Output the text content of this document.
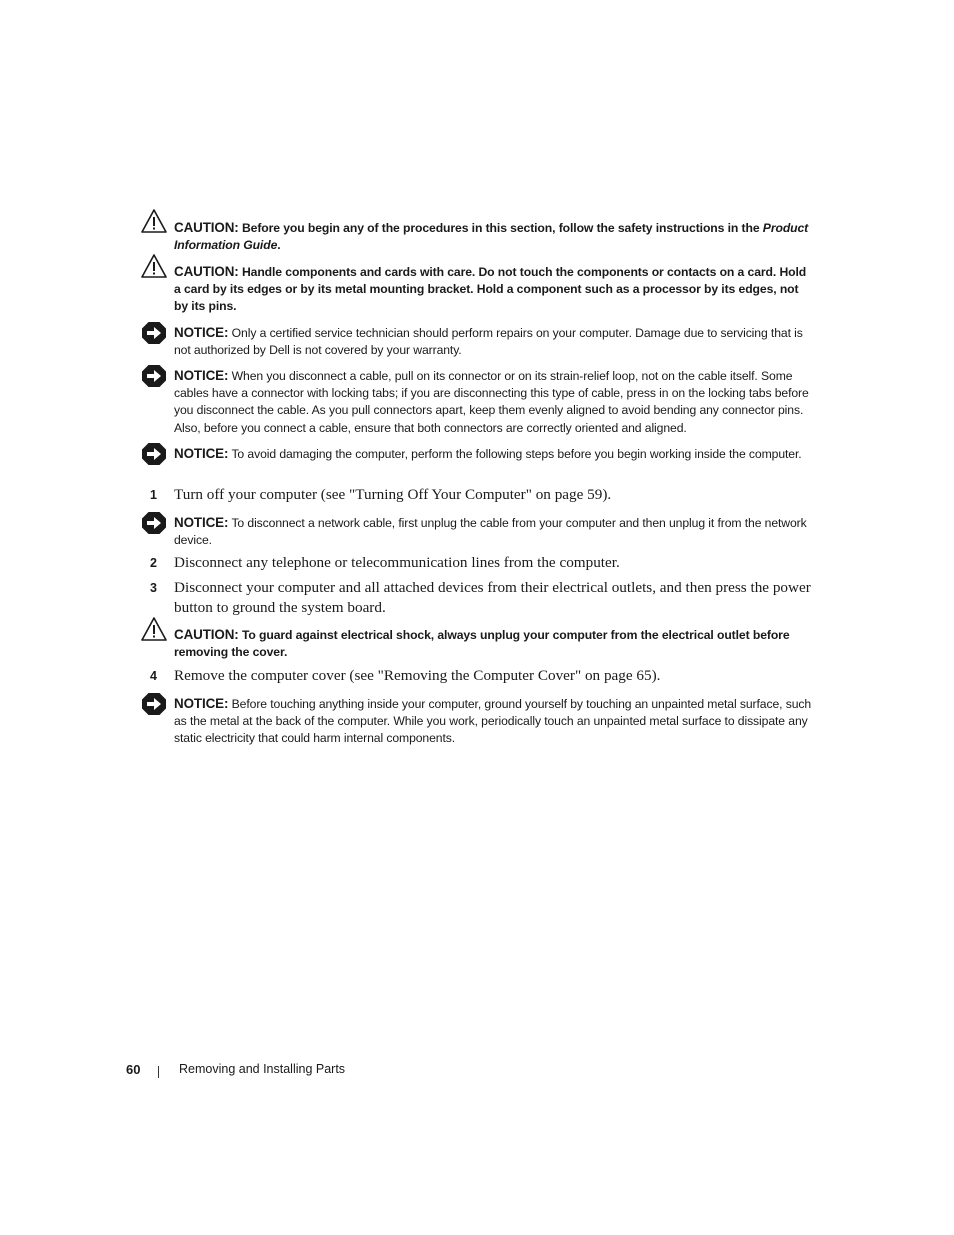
CAUTION: Before you begin any of the procedures in this section, follow the safety instructions in the Product Information Guide.
CAUTION: Handle components and cards with care. Do not touch the components or contacts on a card. Hold a card by its edges or by its metal mounting bracket. Hold a component such as a processor by its edges, not by its pins.
NOTICE: Only a certified service technician should perform repairs on your computer. Damage due to servicing that is not authorized by Dell is not covered by your warranty.
NOTICE: When you disconnect a cable, pull on its connector or on its strain-relief loop, not on the cable itself. Some cables have a connector with locking tabs; if you are disconnecting this type of cable, press in on the locking tabs before you disconnect the cable. As you pull connectors apart, keep them evenly aligned to avoid bending any connector pins. Also, before you connect a cable, ensure that both connectors are correctly oriented and aligned.
NOTICE: To avoid damaging the computer, perform the following steps before you begin working inside the computer.
1 Turn off your computer (see "Turning Off Your Computer" on page 59).
NOTICE: To disconnect a network cable, first unplug the cable from your computer and then unplug it from the network device.
2 Disconnect any telephone or telecommunication lines from the computer.
3 Disconnect your computer and all attached devices from their electrical outlets, and then press the power button to ground the system board.
CAUTION: To guard against electrical shock, always unplug your computer from the electrical outlet before removing the cover.
4 Remove the computer cover (see "Removing the Computer Cover" on page 65).
NOTICE: Before touching anything inside your computer, ground yourself by touching an unpainted metal surface, such as the metal at the back of the computer. While you work, periodically touch an unpainted metal surface to dissipate any static electricity that could harm internal components.
60	Removing and Installing Parts
